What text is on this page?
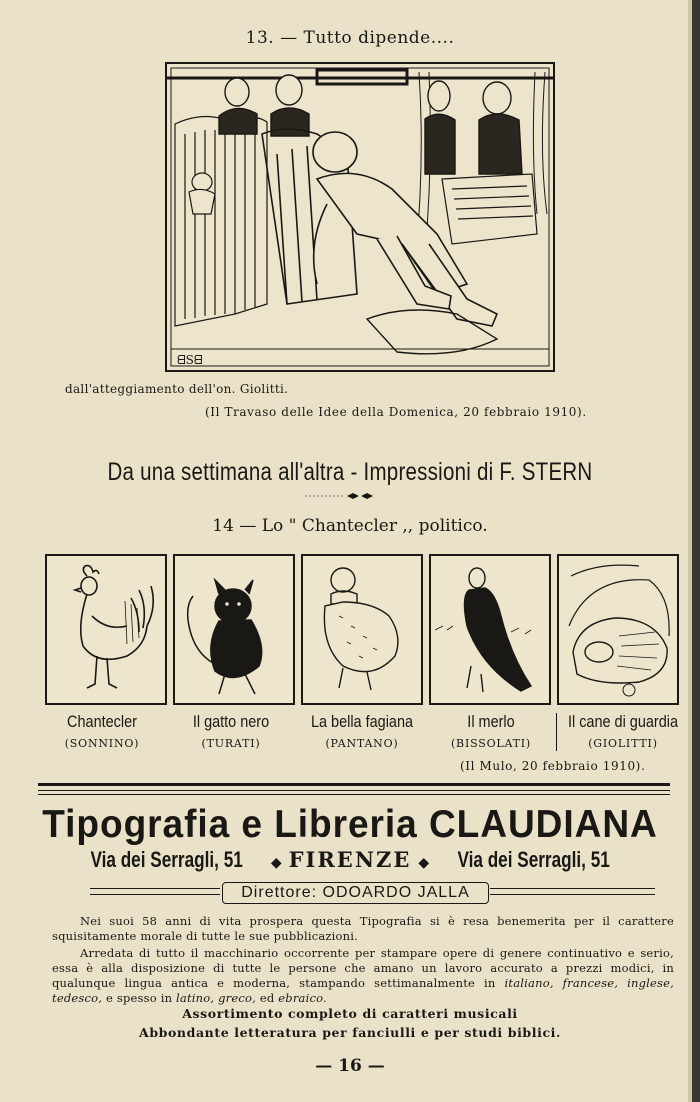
13. — Tutto dipende....
ᗺSᗺ
dall'atteggiamento dell'on. Giolitti.
(Il Travaso delle Idee della Domenica, 20 febbraio 1910).
Da una settimana all'altra - Impressioni di F. STERN
14 — Lo " Chantecler ,, politico.
Chantecler
(SONNINO)
Il gatto nero
(TURATI)
La bella fagiana
(PANTANO)
Il merlo
(BISSOLATI)
Il cane di guardia
(GIOLITTI)
(Il Mulo, 20 febbraio 1910).
Tipografia e Libreria CLAUDIANA
Via dei Serragli, 51 ◆ FIRENZE ◆ Via dei Serragli, 51
Direttore: ODOARDO JALLA
Nei suoi 58 anni di vita prospera questa Tipografia si è resa benemerita per il carattere squisitamente morale di tutte le sue pubblicazioni.
Arredata di tutto il macchinario occorrente per stampare opere di genere continuativo e serio, essa è alla disposizione di tutte le persone che amano un lavoro accurato a prezzi modici, in qualunque lingua antica e moderna, stampando settimanalmente in italiano, francese, inglese, tedesco, e spesso in latino, greco, ed ebraico.
Assortimento completo di caratteri musicali
Abbondante letteratura per fanciulli e per studi biblici.
— 16 —
